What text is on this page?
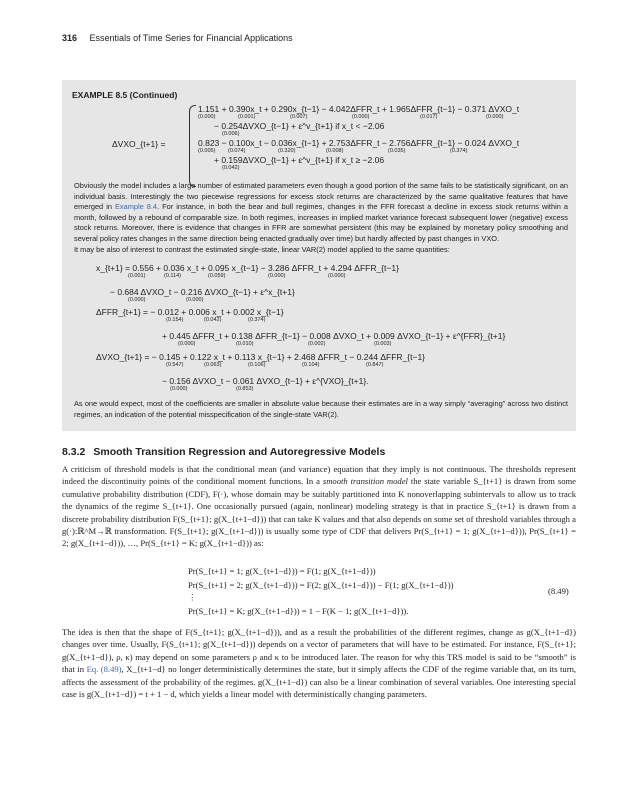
316 Essentials of Time Series for Financial Applications
EXAMPLE 8.5 (Continued)
ΔVXO_{t+1} =
1.151 + 0.390x_t + 0.290x_{t−1} − 4.042ΔFFR_t + 1.965ΔFFR_{t−1} − 0.371 ΔVXO_t
(0.000)	(0.001)	(0.007)	(0.000)	(0.017)	(0.000)
− 0.254ΔVXO_{t−1} + ε^v_{t+1} if x_t < −2.06
(0.006)
0.823 − 0.100x_t − 0.036x_{t−1} + 2.753ΔFFR_t − 2.756ΔFFR_{t−1} − 0.024 ΔVXO_t
(0.005) (0.074)	(0.320)	(0.008)	(0.035)	(0.374)
+ 0.159ΔVXO_{t−1} + ε^v_{t+1} if x_t ≥ −2.06
(0.042)
Obviously the model includes a large number of estimated parameters even though a good portion of the same fails to be statistically significant, on an individual basis. Interestingly the two piecewise regressions for excess stock returns are characterized by the same qualitative features that have emerged in Example 8.4. For instance, in both the bear and bull regimes, changes in the FFR forecast a decline in excess stock returns within a month, followed by a rebound of comparable size. In both regimes, increases in implied market variance forecast subsequent lower (negative) excess stock returns. Moreover, there is evidence that changes in FFR are somewhat persistent (this may be explained by monetary policy smoothing and several policy rates changes in the same direction being enacted gradually over time) but hardly affected by past changes in VXO.
It may be also of interest to contrast the estimated single-state, linear VAR(2) model applied to the same quantities:
x_{t+1} = 0.556 + 0.036 x_t + 0.095 x_{t−1} − 3.286 ΔFFR_t + 4.294 ΔFFR_{t−1}
(0.001)	(0.114)	(0.059)	(0.000)	(0.000)
− 0.684 ΔVXO_t − 0.216 ΔVXO_{t−1} + ε^x_{t+1}
(0.000)	(0.000)
ΔFFR_{t+1} = − 0.012 + 0.006 x_t + 0.002 x_{t−1}
(0.154)	(0.042)	(0.374)
+ 0.445 ΔFFR_t + 0.138 ΔFFR_{t−1} − 0.008 ΔVXO_t + 0.009 ΔVXO_{t−1} + ε^{FFR}_{t+1}
(0.000)	(0.010)	(0.002)	(0.003)
ΔVXO_{t+1} = − 0.145 + 0.122 x_t + 0.113 x_{t−1} + 2.468 ΔFFR_t − 0.244 ΔFFR_{t−1}
(0.547)	(0.063)	(0.106)	(0.104)	(0.847)
− 0.156 ΔVXO_t − 0.061 ΔVXO_{t−1} + ε^{VXO}_{t+1}.
(0.000)	(0.853)
As one would expect, most of the coefficients are smaller in absolute value because their estimates are in a way simply “averaging” across two distinct regimes, an indication of the potential misspecification of the single-state VAR(2).
8.3.2 Smooth Transition Regression and Autoregressive Models
A criticism of threshold models is that the conditional mean (and variance) equation that they imply is not continuous. The thresholds represent indeed the discontinuity points of the conditional moment functions. In a smooth transition model the state variable S_{t+1} is drawn from some cumulative probability distribution (CDF), F(·), whose domain may be suitably partitioned into K nonoverlapping subintervals to allow us to track the dynamics of the regime S_{t+1}. One occasionally pursued (again, nonlinear) modeling strategy is that in practice S_{t+1} is drawn from a discrete probability distribution F(S_{t+1}; g(X_{t+1−d})) that can take K values and that also depends on some set of threshold variables through a g(·):ℝ^M→ℝ transformation. F(S_{t+1}; g(X_{t+1−d})) is usually some type of CDF that delivers Pr(S_{t+1} = 1; g(X_{t+1−d})), Pr(S_{t+1} = 2; g(X_{t+1−d})), …, Pr(S_{t+1} = K; g(X_{t+1−d})) as:
Pr(S_{t+1} = 1; g(X_{t+1−d})) = F(1; g(X_{t+1−d}))
Pr(S_{t+1} = 2; g(X_{t+1−d})) = F(2; g(X_{t+1−d})) − F(1; g(X_{t+1−d}))
⋮
Pr(S_{t+1} = K; g(X_{t+1−d})) = 1 − F(K − 1; g(X_{t+1−d})).
(8.49)
The idea is then that the shape of F(S_{t+1}; g(X_{t+1−d})), and as a result the probabilities of the different regimes, change as g(X_{t+1−d}) changes over time. Usually, F(S_{t+1}; g(X_{t+1−d})) depends on a vector of parameters that will have to be estimated. For instance, F(S_{t+1}; g(X_{t+1−d}), ρ, κ) may depend on some parameters ρ and κ to be introduced later. The reason for why this TRS model is said to be “smooth” is that in Eq. (8.49), X_{t+1−d} no longer deterministically determines the state, but it simply affects the CDF of the regime variable that, on its turn, affects the assessment of the probability of the regimes. g(X_{t+1−d}) can also be a linear combination of several variables. One interesting special case is g(X_{t+1−d}) = t + 1 − d, which yields a linear model with deterministically changing parameters.
